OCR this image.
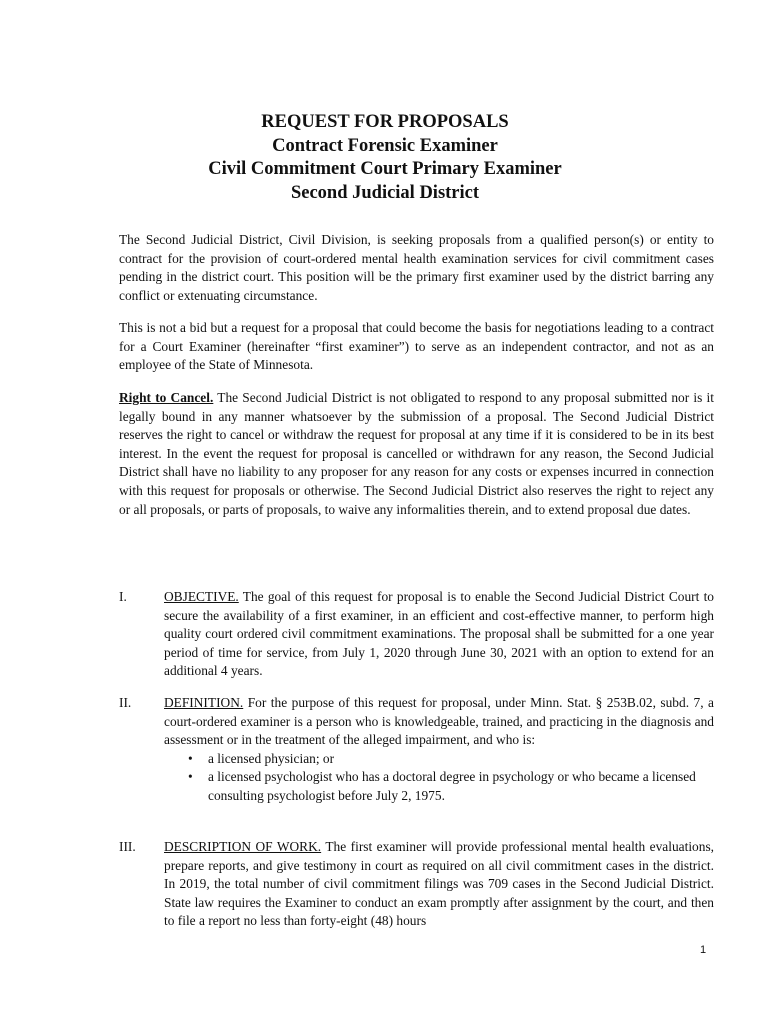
REQUEST FOR PROPOSALS
Contract Forensic Examiner
Civil Commitment Court Primary Examiner
Second Judicial District
The Second Judicial District, Civil Division, is seeking proposals from a qualified person(s) or entity to contract for the provision of court-ordered mental health examination services for civil commitment cases pending in the district court. This position will be the primary first examiner used by the district barring any conflict or extenuating circumstance.
This is not a bid but a request for a proposal that could become the basis for negotiations leading to a contract for a Court Examiner (hereinafter “first examiner”) to serve as an independent contractor, and not as an employee of the State of Minnesota.
Right to Cancel. The Second Judicial District is not obligated to respond to any proposal submitted nor is it legally bound in any manner whatsoever by the submission of a proposal. The Second Judicial District reserves the right to cancel or withdraw the request for proposal at any time if it is considered to be in its best interest. In the event the request for proposal is cancelled or withdrawn for any reason, the Second Judicial District shall have no liability to any proposer for any reason for any costs or expenses incurred in connection with this request for proposals or otherwise. The Second Judicial District also reserves the right to reject any or all proposals, or parts of proposals, to waive any informalities therein, and to extend proposal due dates.
I.	OBJECTIVE. The goal of this request for proposal is to enable the Second Judicial District Court to secure the availability of a first examiner, in an efficient and cost-effective manner, to perform high quality court ordered civil commitment examinations. The proposal shall be submitted for a one year period of time for service, from July 1, 2020 through June 30, 2021 with an option to extend for an additional 4 years.
II.	DEFINITION. For the purpose of this request for proposal, under Minn. Stat. § 253B.02, subd. 7, a court-ordered examiner is a person who is knowledgeable, trained, and practicing in the diagnosis and assessment or in the treatment of the alleged impairment, and who is:
• a licensed physician; or
• a licensed psychologist who has a doctoral degree in psychology or who became a licensed consulting psychologist before July 2, 1975.
III.	DESCRIPTION OF WORK. The first examiner will provide professional mental health evaluations, prepare reports, and give testimony in court as required on all civil commitment cases in the district. In 2019, the total number of civil commitment filings was 709 cases in the Second Judicial District. State law requires the Examiner to conduct an exam promptly after assignment by the court, and then to file a report no less than forty-eight (48) hours
1
